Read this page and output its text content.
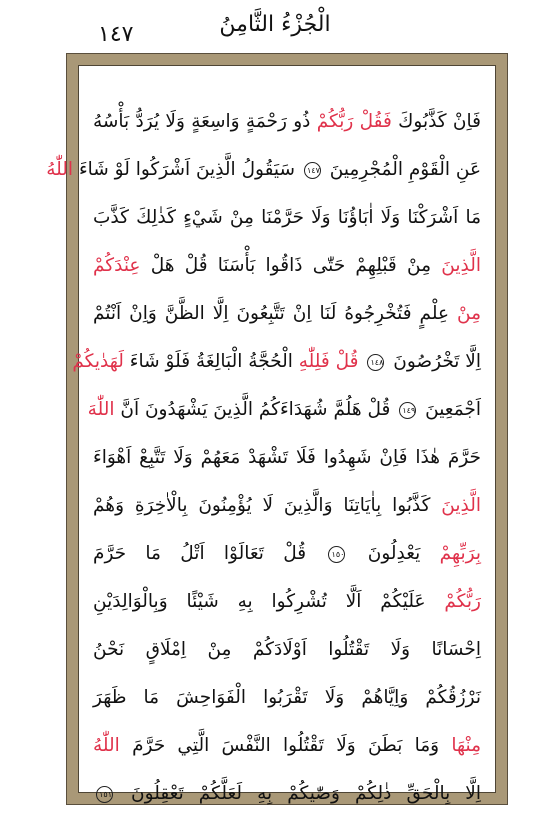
١٤٧	الْجُزْءُ الثَّامِنُ
فَاِنْ كَذَّبُوكَ فَقُلْ رَبُّكُمْ ذُو رَحْمَةٍ وَاسِعَةٍ وَلَا يُرَدُّ بَأْسُهُ
عَنِ الْقَوْمِ الْمُجْرِمِينَ ١٤٧ سَيَقُولُ الَّذِينَ اَشْرَكُوا لَوْ شَاءَ اللّٰهُ
مَا اَشْرَكْنَا وَلَا اٰبَاؤُنَا وَلَا حَرَّمْنَا مِنْ شَيْءٍ كَذٰلِكَ كَذَّبَ
الَّذِينَ مِنْ قَبْلِهِمْ حَتّٰى ذَاقُوا بَأْسَنَا قُلْ هَلْ عِنْدَكُمْ
مِنْ عِلْمٍ فَتُخْرِجُوهُ لَنَا اِنْ تَتَّبِعُونَ اِلَّا الظَّنَّ وَاِنْ اَنْتُمْ
اِلَّا تَخْرُصُونَ ١٤٨ قُلْ فَلِلّٰهِ الْحُجَّةُ الْبَالِغَةُ فَلَوْ شَاءَ لَهَدٰيكُمْ
اَجْمَعِينَ ١٤٩ قُلْ هَلُمَّ شُهَدَاءَكُمُ الَّذِينَ يَشْهَدُونَ اَنَّ اللّٰهَ
حَرَّمَ هٰذَا فَاِنْ شَهِدُوا فَلَا تَشْهَدْ مَعَهُمْ وَلَا تَتَّبِعْ اَهْوَاءَ
الَّذِينَ كَذَّبُوا بِاٰيَاتِنَا وَالَّذِينَ لَا يُؤْمِنُونَ بِالْاٰخِرَةِ وَهُمْ
بِرَبِّهِمْ يَعْدِلُونَ ١٥٠ قُلْ تَعَالَوْا اَتْلُ مَا حَرَّمَ
رَبُّكُمْ عَلَيْكُمْ اَلَّا تُشْرِكُوا بِهِ شَيْئًا وَبِالْوَالِدَيْنِ
اِحْسَانًا وَلَا تَقْتُلُوا اَوْلَادَكُمْ مِنْ اِمْلَاقٍ نَحْنُ
نَرْزُقُكُمْ وَاِيَّاهُمْ وَلَا تَقْرَبُوا الْفَوَاحِشَ مَا ظَهَرَ
مِنْهَا وَمَا بَطَنَ وَلَا تَقْتُلُوا النَّفْسَ الَّتِي حَرَّمَ اللّٰهُ
اِلَّا بِالْحَقِّ ذٰلِكُمْ وَصّٰيكُمْ بِهِ لَعَلَّكُمْ تَعْقِلُونَ ١٥١
